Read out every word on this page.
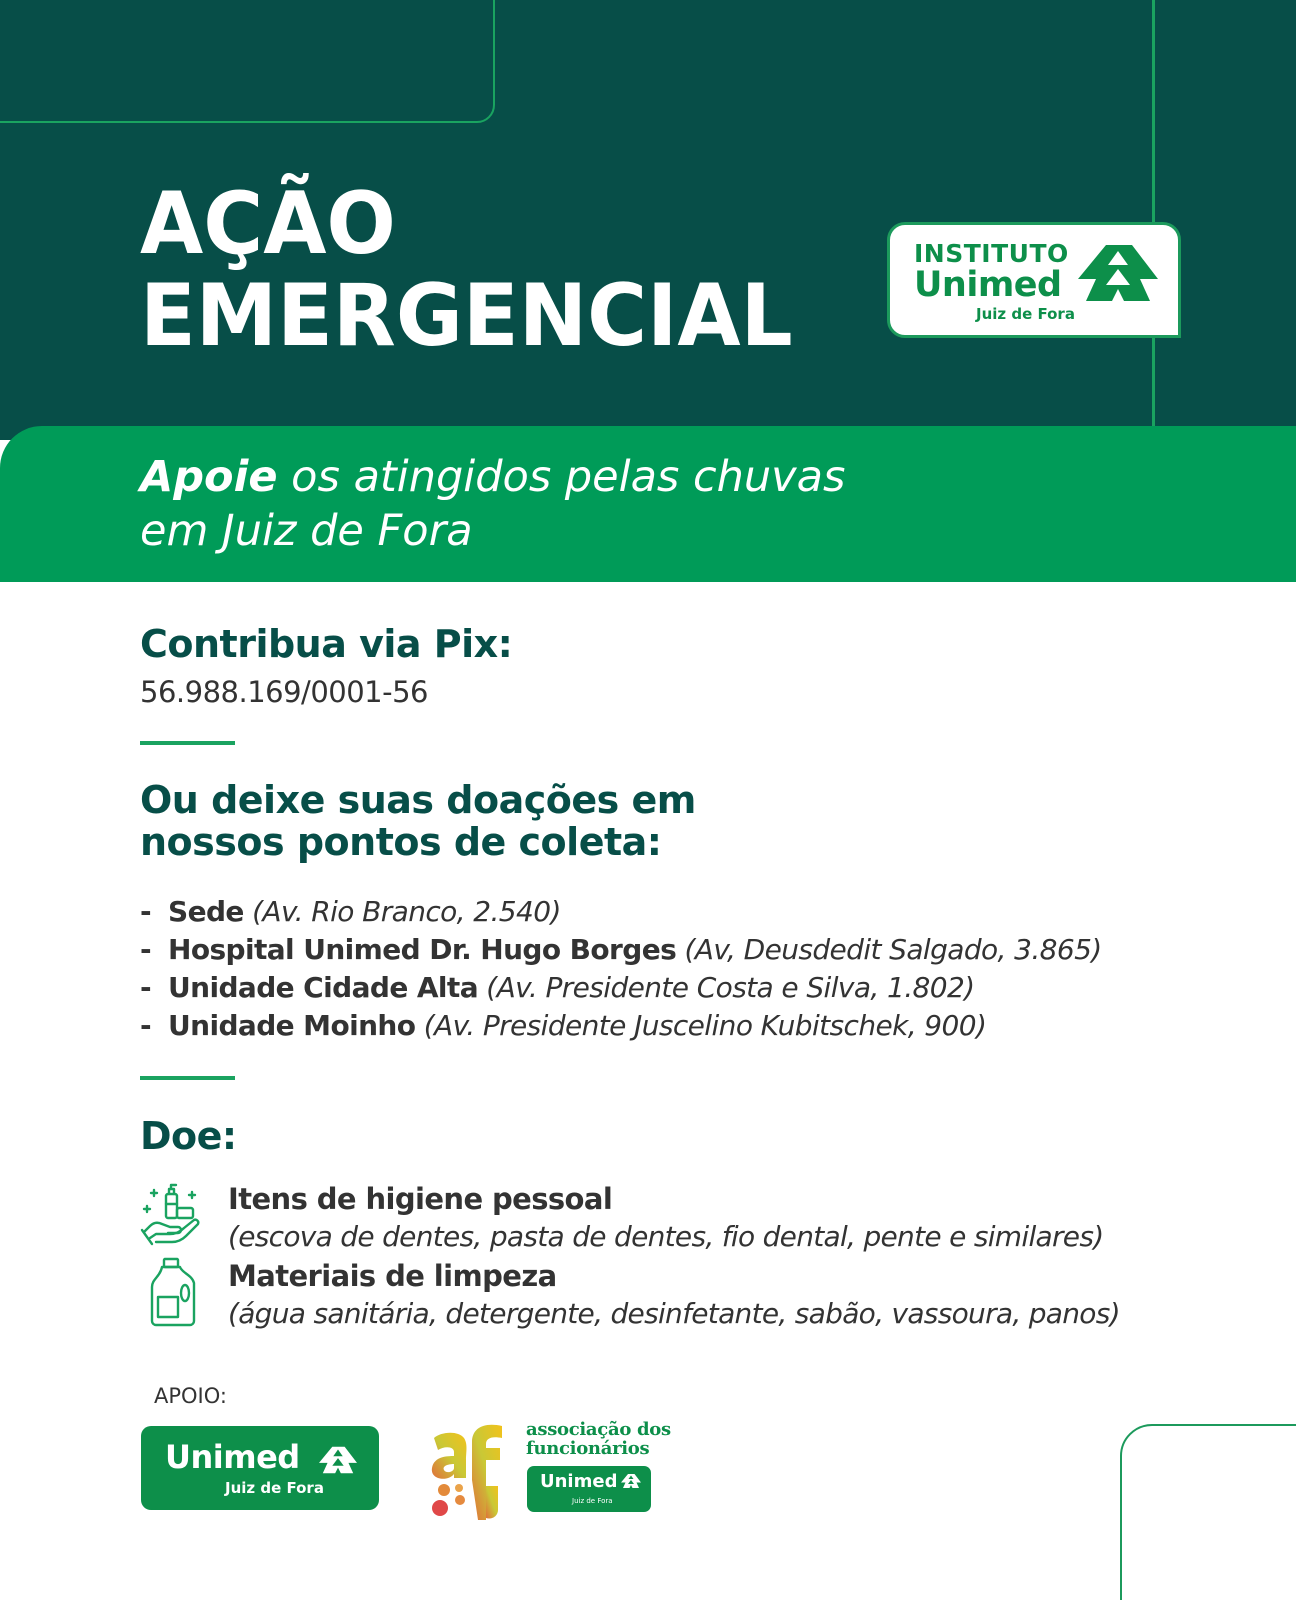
AÇÃO
EMERGENCIAL
INSTITUTO
Unimed
Juiz de Fora
Apoie os atingidos pelas chuvas
em Juiz de Fora
Contribua via Pix:
56.988.169/0001-56
Ou deixe suas doações em
nossos pontos de coleta:
- Sede (Av. Rio Branco, 2.540)
- Hospital Unimed Dr. Hugo Borges (Av, Deusdedit Salgado, 3.865)
- Unidade Cidade Alta (Av. Presidente Costa e Silva, 1.802)
- Unidade Moinho (Av. Presidente Juscelino Kubitschek, 900)
Doe:
Itens de higiene pessoal
(escova de dentes, pasta de dentes, fio dental, pente e similares)
Materiais de limpeza
(água sanitária, detergente, desinfetante, sabão, vassoura, panos)
APOIO:
Unimed
Juiz de Fora
associação dos
funcionários
Unimed
Juiz de Fora
